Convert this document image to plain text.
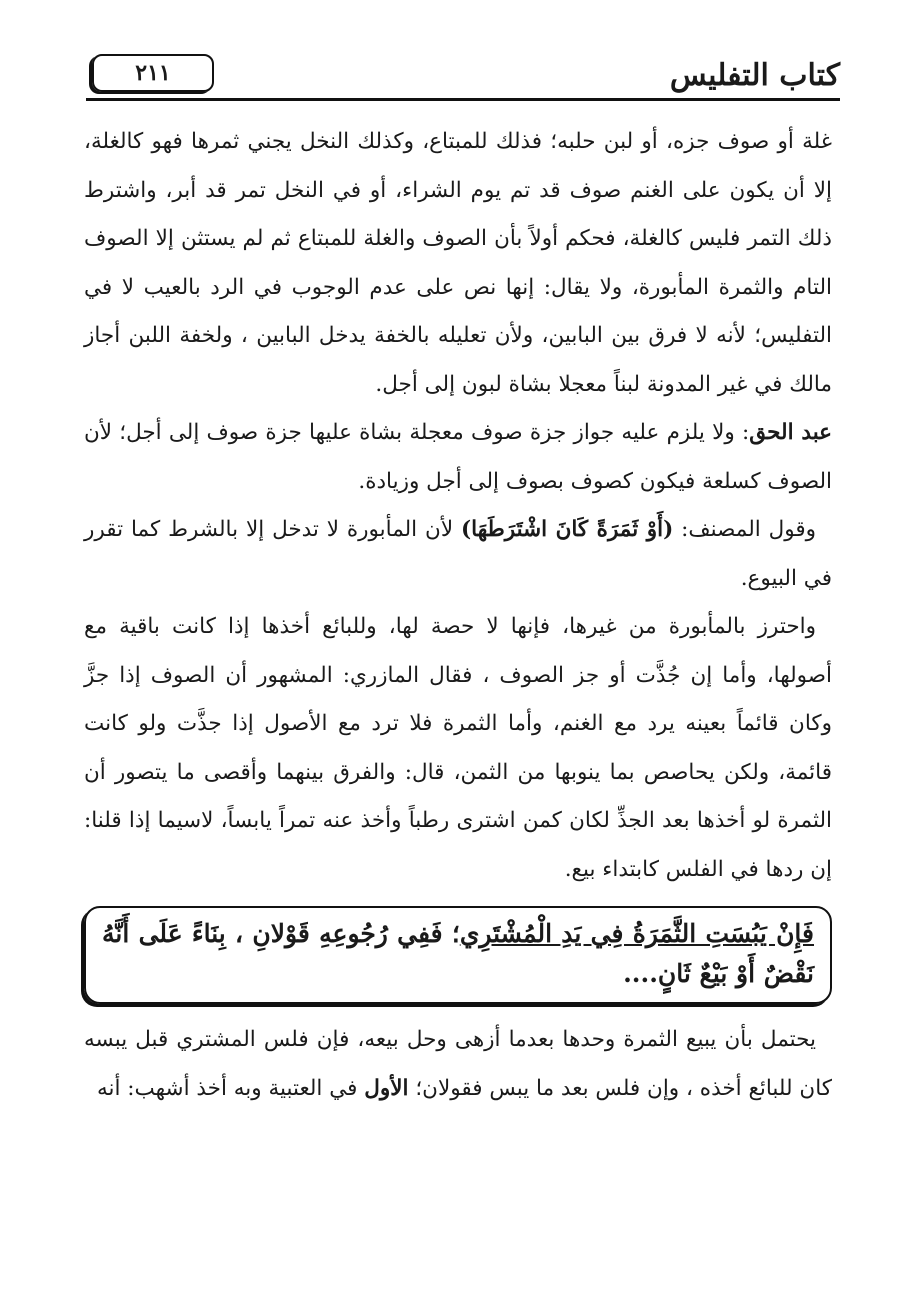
كتاب التفليس
٢١١

غلة أو صوف جزه، أو لبن حلبه؛ فذلك للمبتاع، وكذلك النخل يجني ثمرها فهو كالغلة، إلا أن يكون على الغنم صوف قد تم يوم الشراء، أو في النخل تمر قد أبر، واشترط ذلك التمر فليس كالغلة، فحكم أولاً بأن الصوف والغلة للمبتاع ثم لم يستثن إلا الصوف التام والثمرة المأبورة، ولا يقال: إنها نص على عدم الوجوب في الرد بالعيب لا في التفليس؛ لأنه لا فرق بين البابين، ولأن تعليله بالخفة يدخل البابين ، ولخفة اللبن أجاز مالك في غير المدونة لبناً معجلا بشاة لبون إلى أجل.

عبد الحق: ولا يلزم عليه جواز جزة صوف معجلة بشاة عليها جزة صوف إلى أجل؛ لأن الصوف كسلعة فيكون كصوف بصوف إلى أجل وزيادة.

وقول المصنف: (أَوْ ثَمَرَةً كَانَ اشْتَرَطَهَا) لأن المأبورة لا تدخل إلا بالشرط كما تقرر في البيوع.

واحترز بالمأبورة من غيرها، فإنها لا حصة لها، وللبائع أخذها إذا كانت باقية مع أصولها، وأما إن جُذَّت أو جز الصوف ، فقال المازري: المشهور أن الصوف إذا جزَّ وكان قائماً بعينه يرد مع الغنم، وأما الثمرة فلا ترد مع الأصول إذا جذَّت ولو كانت قائمة، ولكن يحاصص بما ينوبها من الثمن، قال: والفرق بينهما وأقصى ما يتصور أن الثمرة لو أخذها بعد الجذِّ لكان كمن اشترى رطباً وأخذ عنه تمراً يابساً، لاسيما إذا قلنا: إن ردها في الفلس كابتداء بيع.

فَإِنْ يَبُسَتِ الثَّمَرَةُ فِي يَدِ الْمُشْتَرِي؛ فَفِي رُجُوعِهِ قَوْلانِ ، بِنَاءً عَلَى أَنَّهُ نَقْضٌ أَوْ بَيْعٌ ثَانٍ....

يحتمل بأن يبيع الثمرة وحدها بعدما أزهى وحل بيعه، فإن فلس المشتري قبل يبسه كان للبائع أخذه ، وإن فلس بعد ما يبس فقولان؛ الأول في العتبية وبه أخذ أشهب: أنه
